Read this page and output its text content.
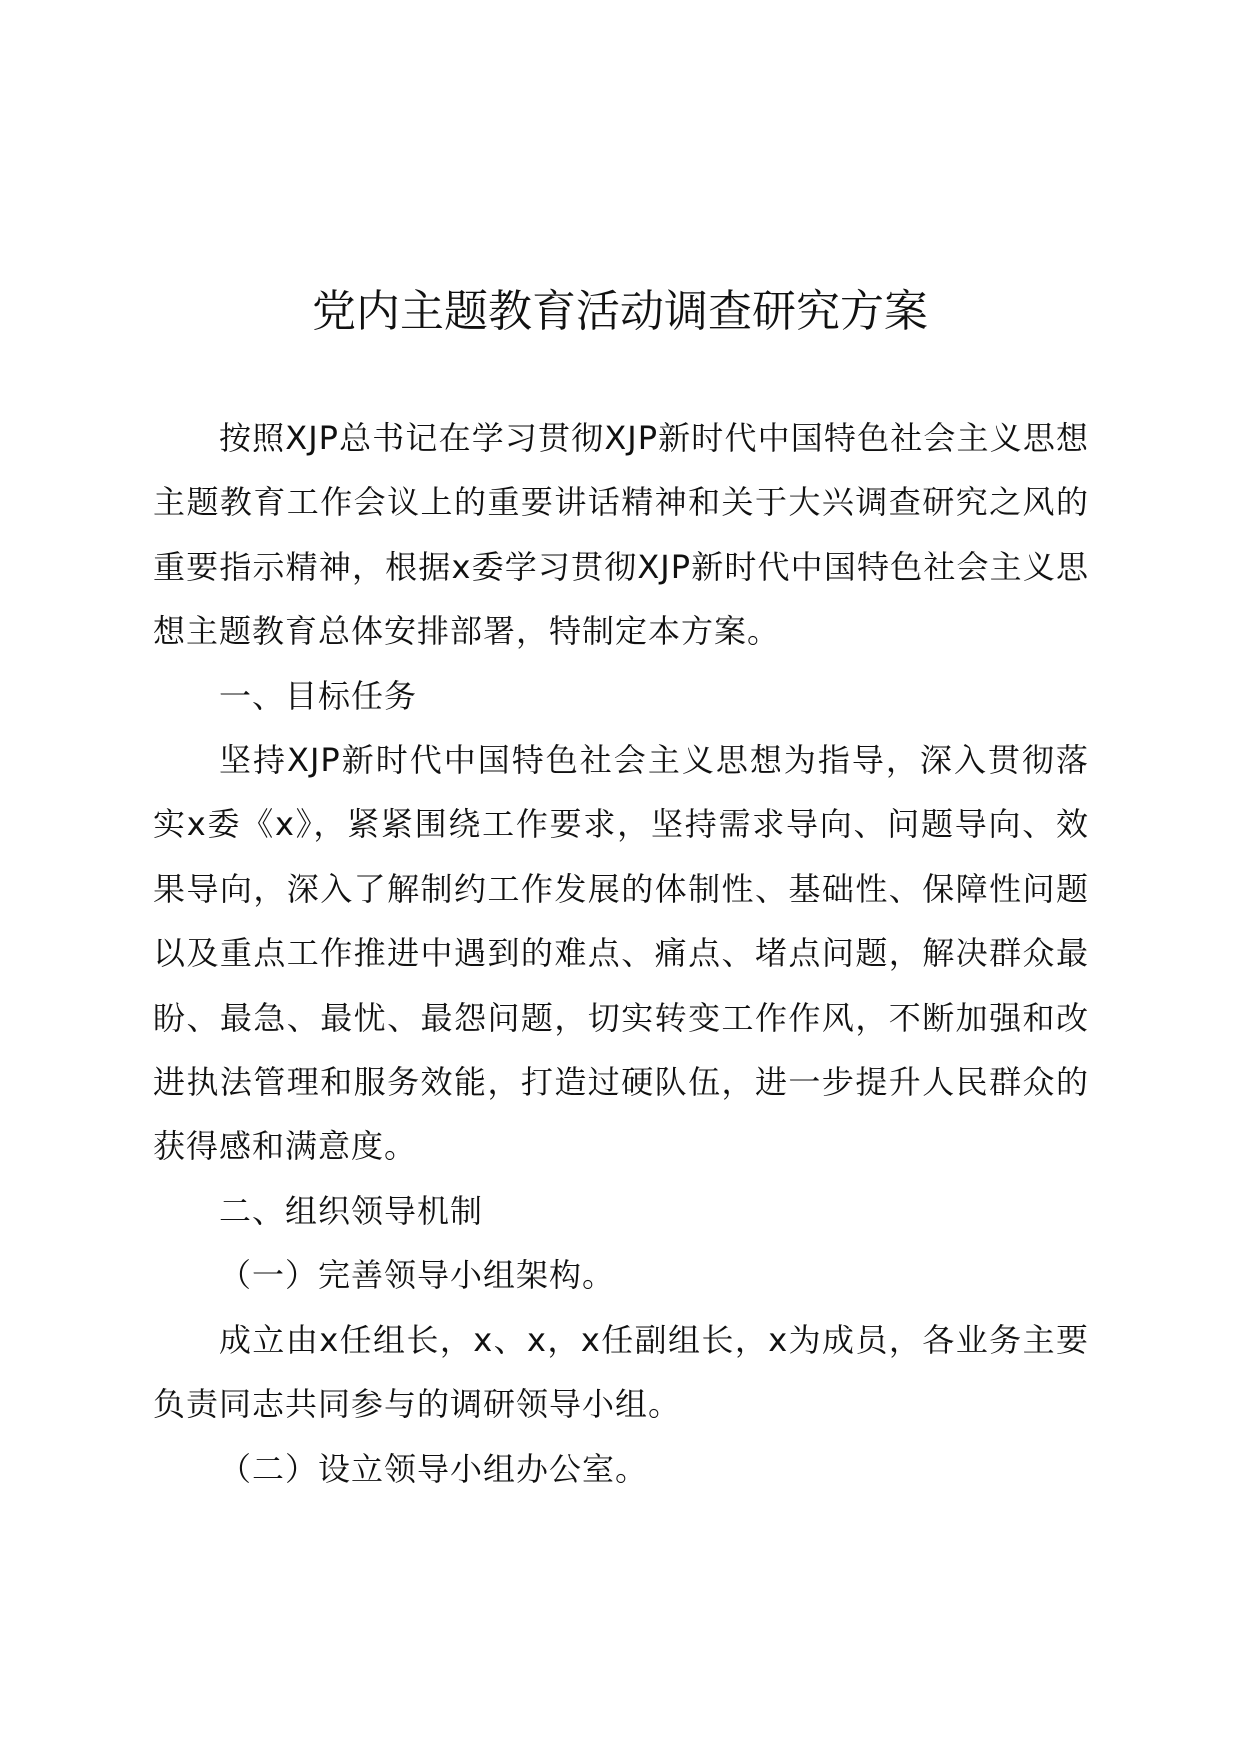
党内主题教育活动调查研究方案

按照XJP总书记在学习贯彻XJP新时代中国特色社会主义思想主题教育工作会议上的重要讲话精神和关于大兴调查研究之风的重要指示精神，根据x委学习贯彻XJP新时代中国特色社会主义思想主题教育总体安排部署，特制定本方案。

一、目标任务

坚持XJP新时代中国特色社会主义思想为指导，深入贯彻落实x委《x》，紧紧围绕工作要求，坚持需求导向、问题导向、效果导向，深入了解制约工作发展的体制性、基础性、保障性问题以及重点工作推进中遇到的难点、痛点、堵点问题，解决群众最盼、最急、最忧、最怨问题，切实转变工作作风，不断加强和改进执法管理和服务效能，打造过硬队伍，进一步提升人民群众的获得感和满意度。

二、组织领导机制

（一）完善领导小组架构。

成立由x任组长，x、x，x任副组长，x为成员，各业务主要负责同志共同参与的调研领导小组。

（二）设立领导小组办公室。
